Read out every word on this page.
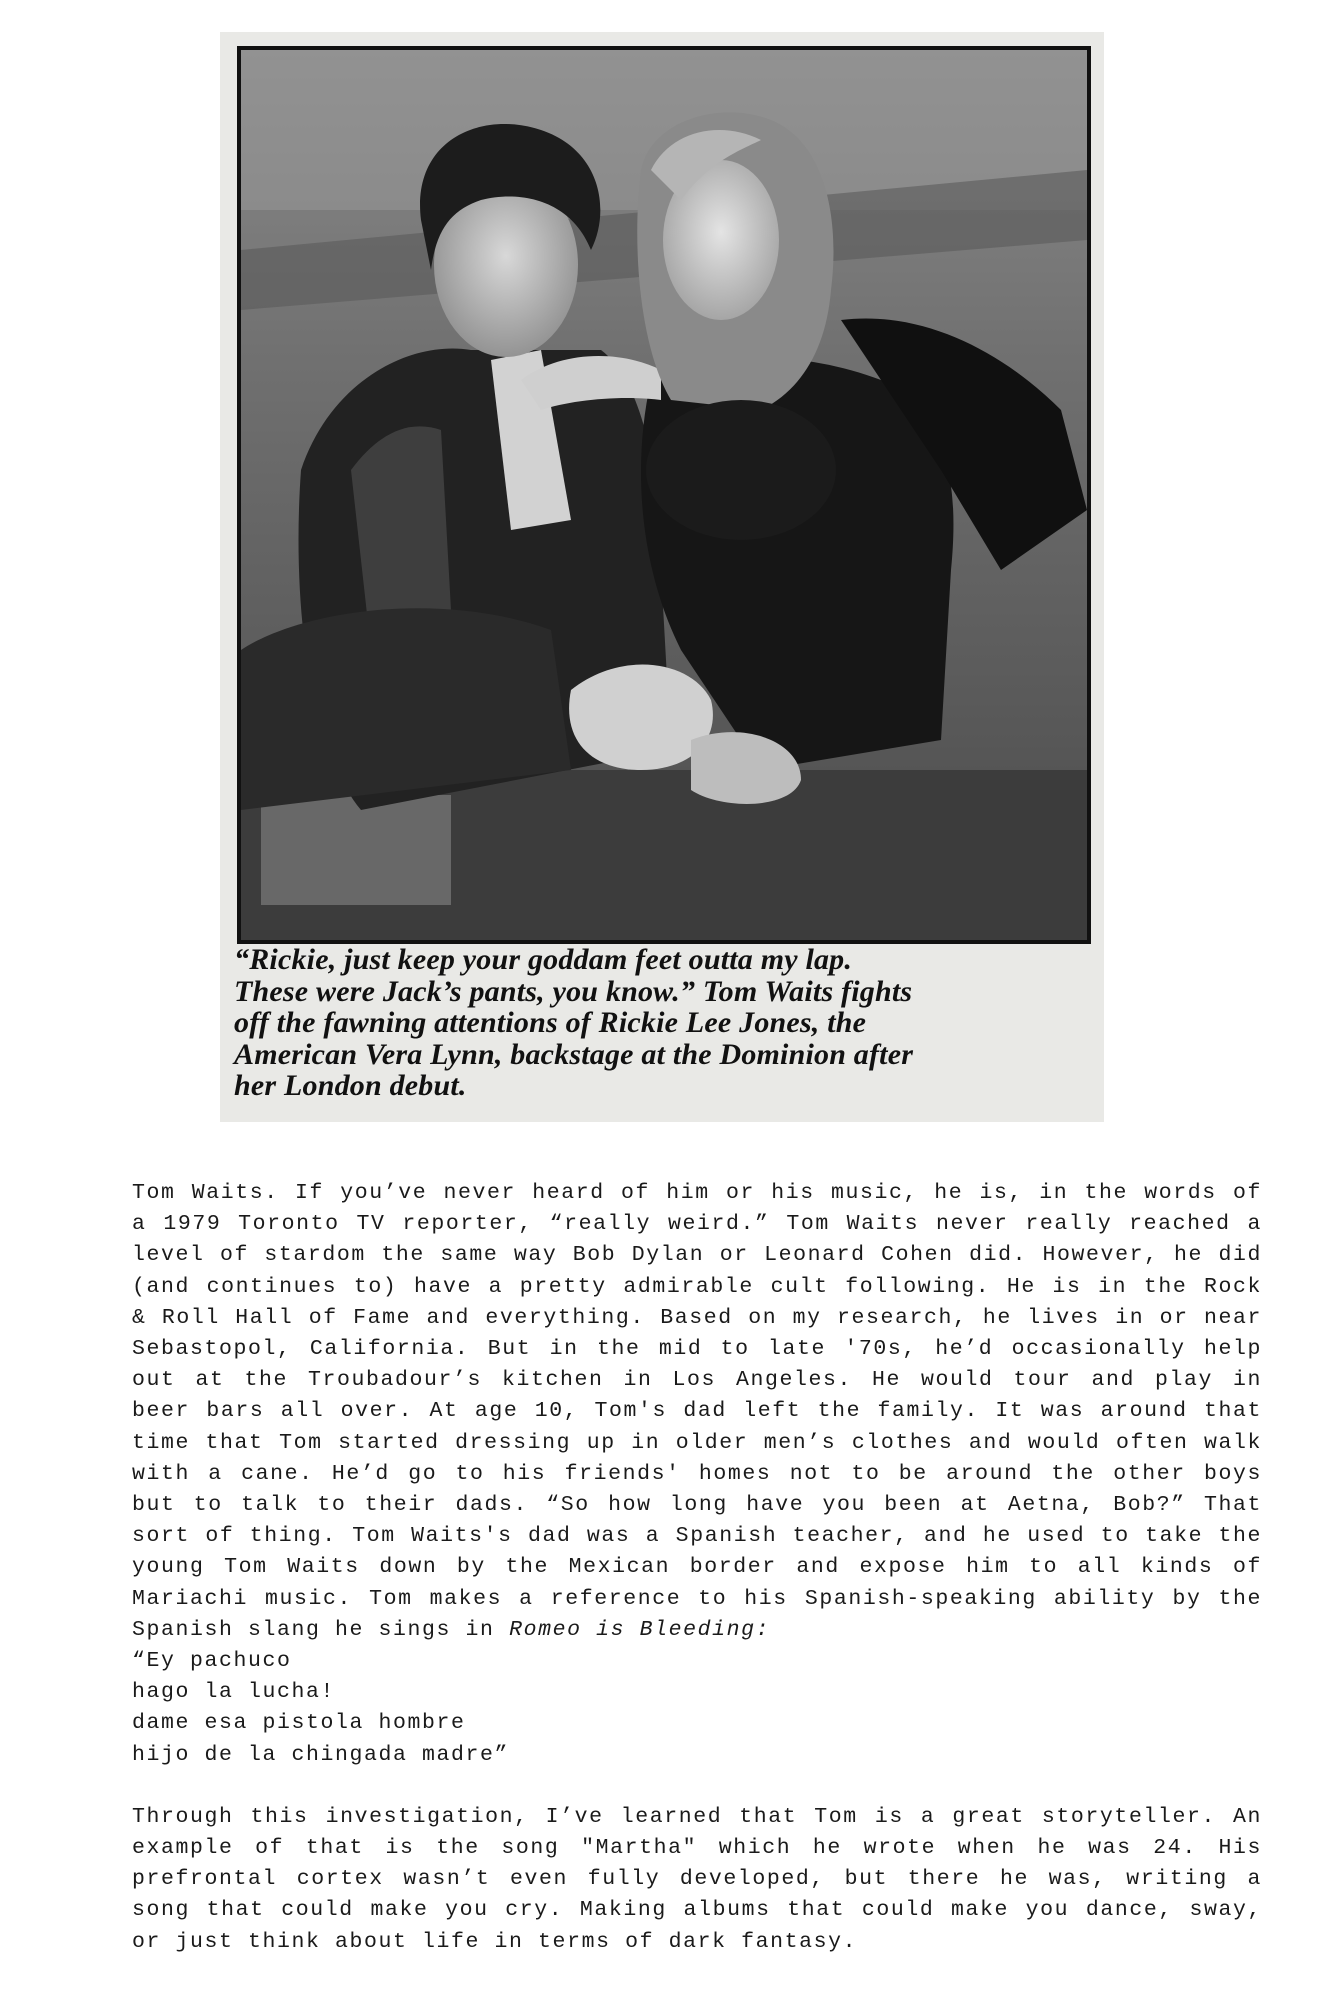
“Rickie, just keep your goddam feet outta my lap.
These were Jack’s pants, you know.” Tom Waits fights
off the fawning attentions of Rickie Lee Jones, the
American Vera Lynn, backstage at the Dominion after
her London debut.

Tom Waits. If you’ve never heard of him or his music, he is, in the words of a 1979 Toronto TV reporter, “really weird.” Tom Waits never really reached a level of stardom the same way Bob Dylan or Leonard Cohen did. However, he did (and continues to) have a pretty admirable cult following. He is in the Rock & Roll Hall of Fame and everything. Based on my research, he lives in or near Sebastopol, California. But in the mid to late '70s, he’d occasionally help out at the Troubadour’s kitchen in Los Angeles. He would tour and play in beer bars all over. At age 10, Tom's dad left the family. It was around that time that Tom started dressing up in older men’s clothes and would often walk with a cane. He’d go to his friends' homes not to be around the other boys but to talk to their dads. “So how long have you been at Aetna, Bob?” That sort of thing. Tom Waits's dad was a Spanish teacher, and he used to take the young Tom Waits down by the Mexican border and expose him to all kinds of Mariachi music. Tom makes a reference to his Spanish-speaking ability by the Spanish slang he sings in Romeo is Bleeding:

“Ey pachuco
hago la lucha!
dame esa pistola hombre
hijo de la chingada madre”

Through this investigation, I’ve learned that Tom is a great storyteller. An example of that is the song "Martha" which he wrote when he was 24. His prefrontal cortex wasn’t even fully developed, but there he was, writing a song that could make you cry. Making albums that could make you dance, sway, or just think about life in terms of dark fantasy.
